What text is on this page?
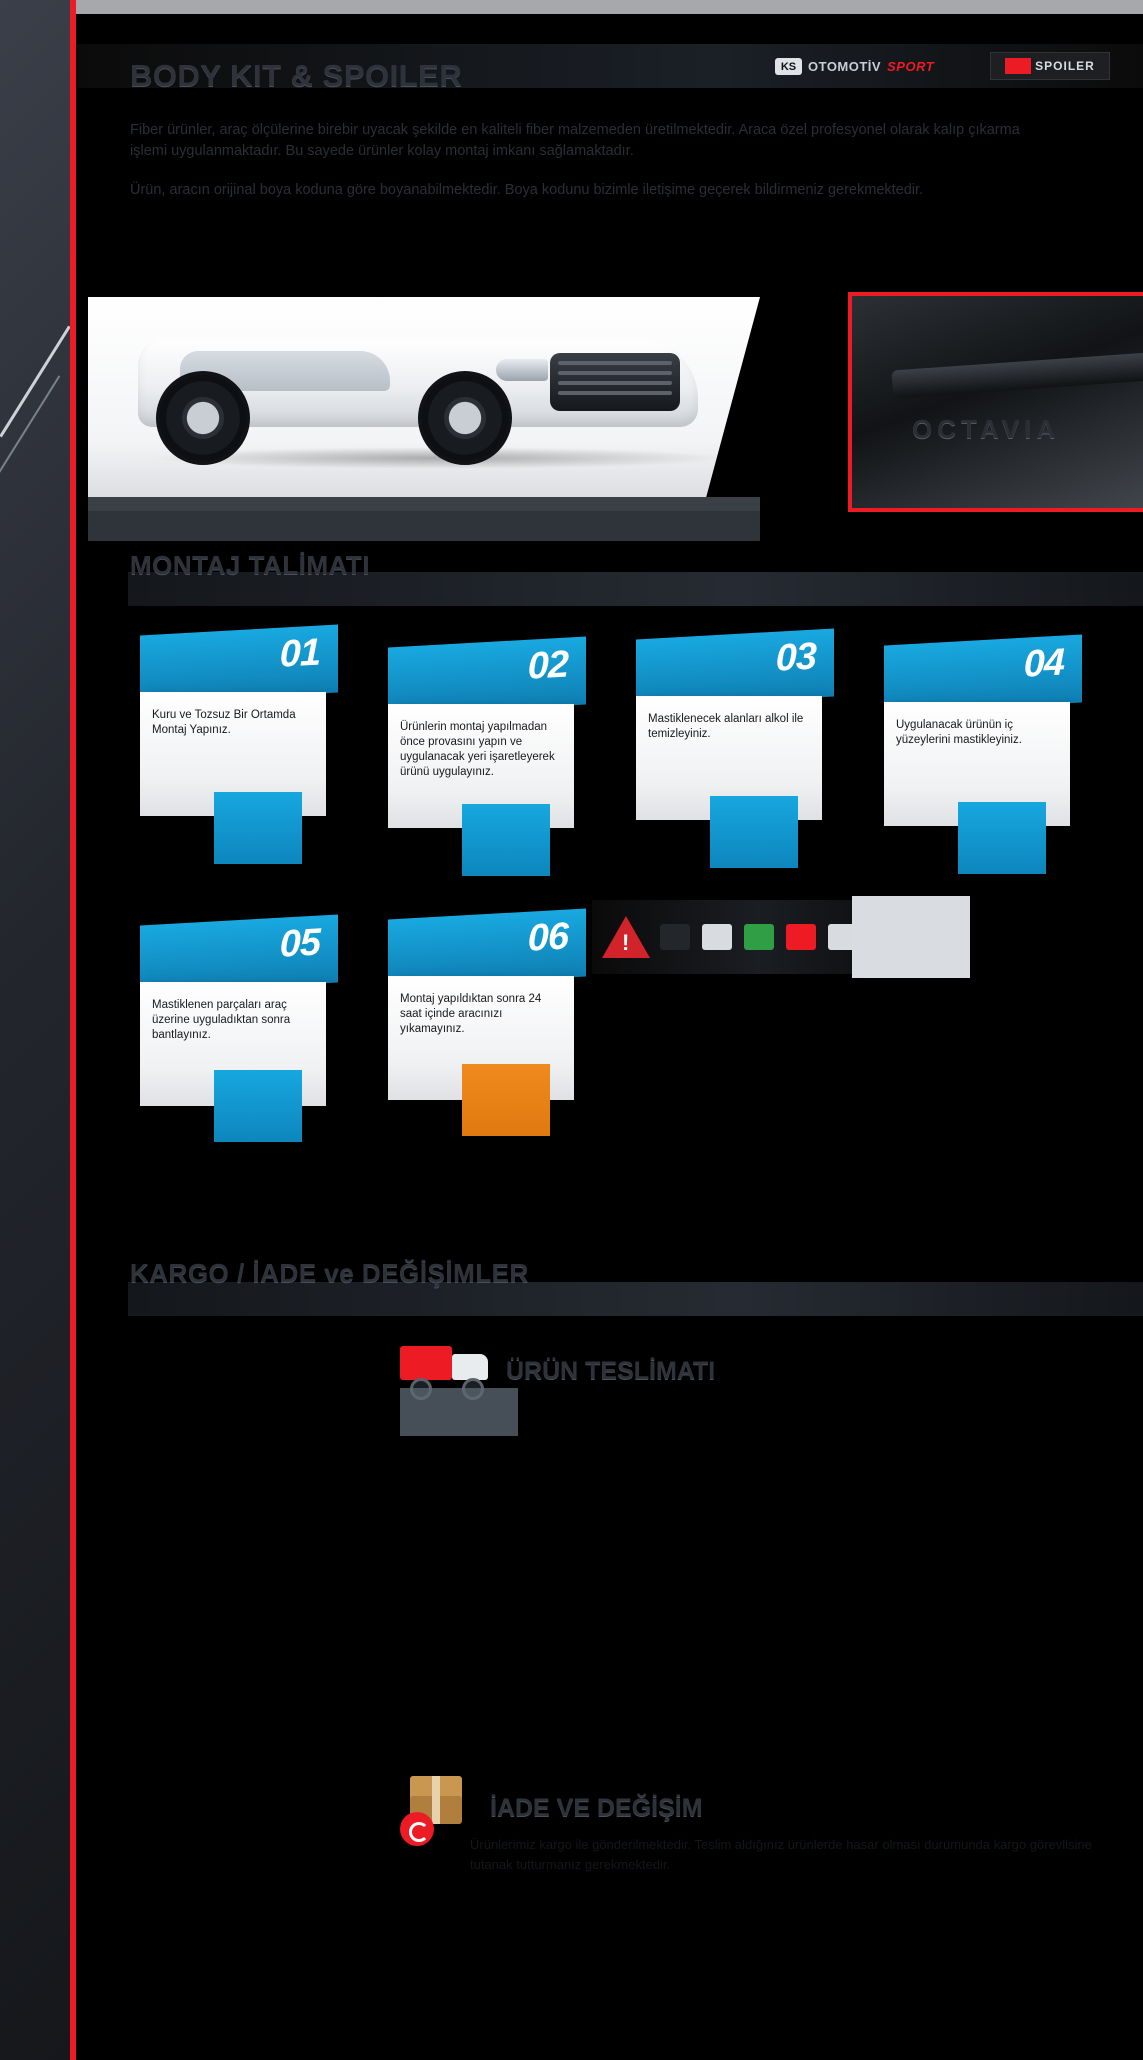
BODY KIT & SPOILER	KS OTOMOTİV SPORT	SPOILER

Fiber ürünler, araç ölçülerine birebir uyacak şekilde en kaliteli fiber malzemeden üretilmektedir. Araca özel profesyonel olarak kalıp çıkarma işlemi uygulanmaktadır. Bu sayede ürünler kolay montaj imkanı sağlamaktadır.

Ürün, aracın orijinal boya koduna göre boyanabilmektedir. Boya kodunu bizimle iletişime geçerek bildirmeniz gerekmektedir.

OCTAVIA
MONTAJ TALİMATI
01
Kuru ve Tozsuz Bir Ortamda Montaj Yapınız.
02
Ürünlerin montaj yapılmadan önce provasını yapın ve uygulanacak yeri işaretleyerek ürünü uygulayınız.
03
Mastiklenecek alanları alkol ile temizleyiniz.
04
Uygulanacak ürünün iç yüzeylerini mastikleyiniz.
05
Mastiklenen parçaları araç üzerine uyguladıktan sonra bantlayınız.
06
Montaj yapıldıktan sonra 24 saat içinde aracınızı yıkamayınız.
!
KARGO / İADE ve DEĞİŞİMLER
ÜRÜN TESLİMATI
İADE VE DEĞİŞİM
Ürünlerimiz kargo ile gönderilmektedir. Teslim aldığınız ürünlerde hasar olması durumunda kargo görevlisine tutanak tutturmanız gerekmektedir.
